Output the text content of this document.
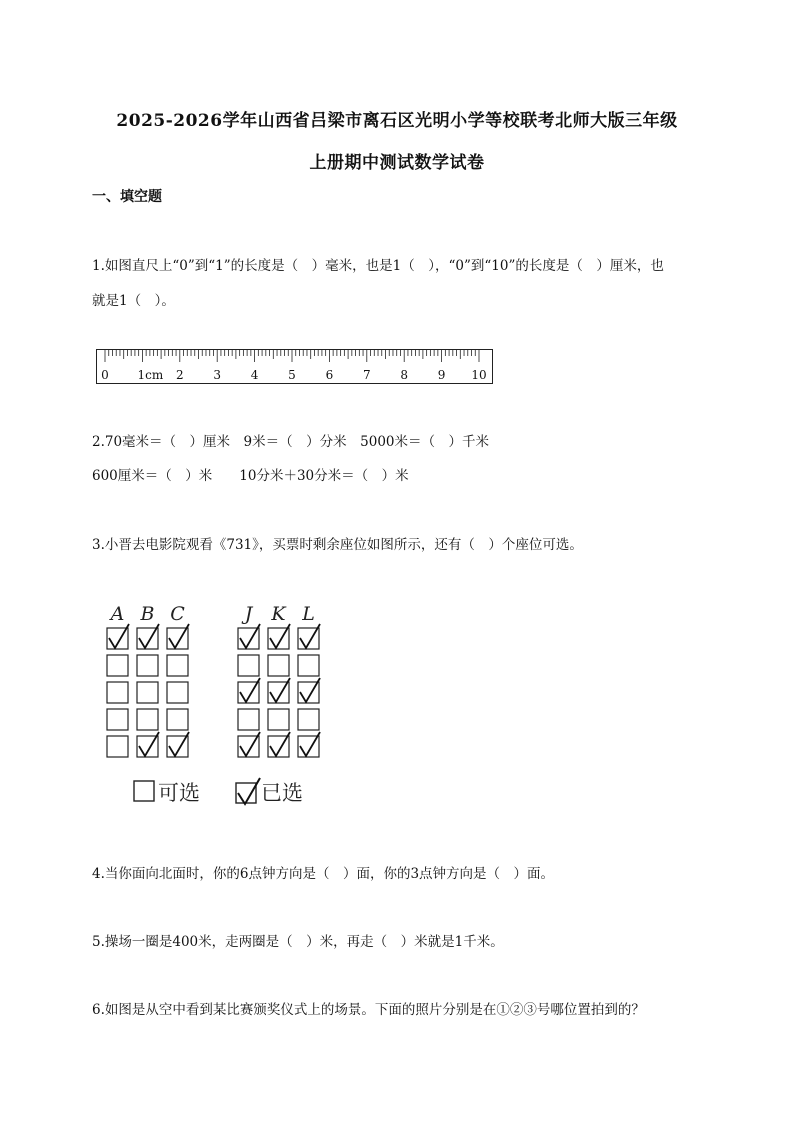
2025-2026学年山西省吕梁市离石区光明小学等校联考北师大版三年级
上册期中测试数学试卷
一、填空题
1.如图直尺上“0”到“1”的长度是（　）毫米，也是1（　），“0”到“10”的长度是（　）厘米，也
就是1（　）。
0 1cm 2 3 4 5 6 7 8 9 10
2.70毫米＝（　）厘米　9米＝（　）分米　5000米＝（　）千米
600厘米＝（　）米　　10分米＋30分米＝（　）米
3.小晋去电影院观看《731》，买票时剩余座位如图所示，还有（　）个座位可选。
A B C	J K L
可选	已选
4.当你面向北面时，你的6点钟方向是（　）面，你的3点钟方向是（　）面。
5.操场一圈是400米，走两圈是（　）米，再走（　）米就是1千米。
6.如图是从空中看到某比赛颁奖仪式上的场景。下面的照片分别是在①②③号哪位置拍到的？
